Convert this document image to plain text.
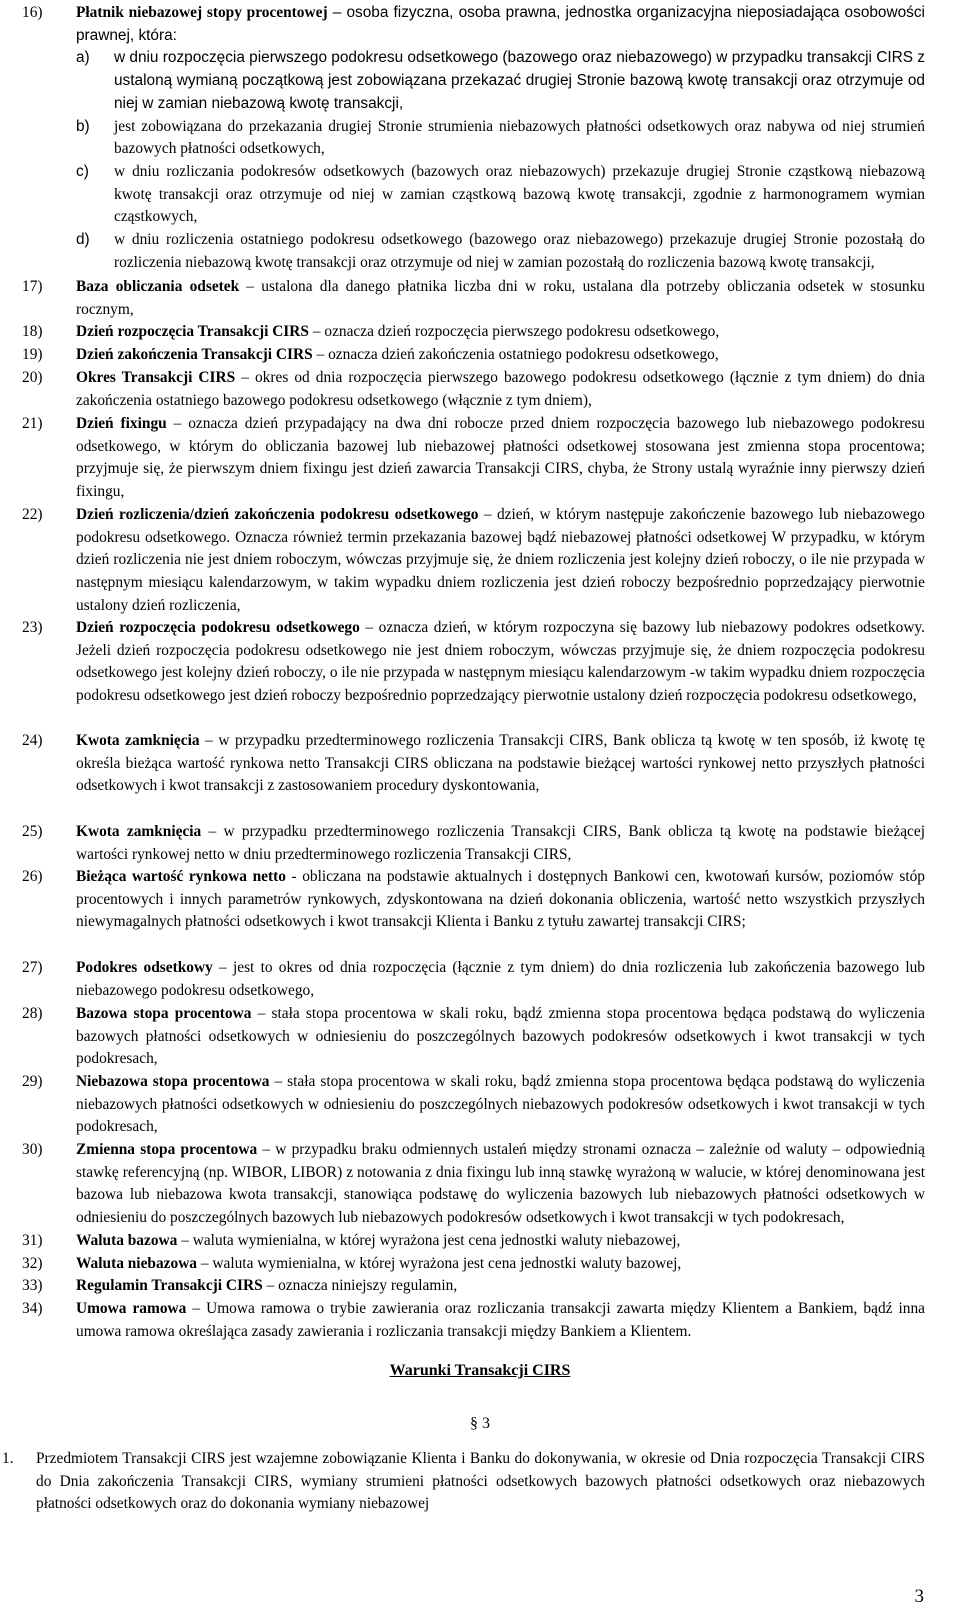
16) Płatnik niebazowej stopy procentowej – osoba fizyczna, osoba prawna, jednostka organizacyjna nieposiadająca osobowości prawnej, która:
a) w dniu rozpoczęcia pierwszego podokresu odsetkowego (bazowego oraz niebazowego) w przypadku transakcji CIRS z ustaloną wymianą początkową jest zobowiązana przekazać drugiej Stronie bazową kwotę transakcji oraz otrzymuje od niej w zamian niebazową kwotę transakcji,
b) jest zobowiązana do przekazania drugiej Stronie strumienia niebazowych płatności odsetkowych oraz nabywa od niej strumień bazowych płatności odsetkowych,
c) w dniu rozliczania podokresów odsetkowych (bazowych oraz niebazowych) przekazuje drugiej Stronie cząstkową niebazową kwotę transakcji oraz otrzymuje od niej w zamian cząstkową bazową kwotę transakcji, zgodnie z harmonogramem wymian cząstkowych,
d) w dniu rozliczenia ostatniego podokresu odsetkowego (bazowego oraz niebazowego) przekazuje drugiej Stronie pozostałą do rozliczenia niebazową kwotę transakcji oraz otrzymuje od niej w zamian pozostałą do rozliczenia bazową kwotę transakcji,
17) Baza obliczania odsetek – ustalona dla danego płatnika liczba dni w roku, ustalana dla potrzeby obliczania odsetek w stosunku rocznym,
18) Dzień rozpoczęcia Transakcji CIRS – oznacza dzień rozpoczęcia pierwszego podokresu odsetkowego,
19) Dzień zakończenia Transakcji CIRS – oznacza dzień zakończenia ostatniego podokresu odsetkowego,
20) Okres Transakcji CIRS – okres od dnia rozpoczęcia pierwszego bazowego podokresu odsetkowego (łącznie z tym dniem) do dnia zakończenia ostatniego bazowego podokresu odsetkowego (włącznie z tym dniem),
21) Dzień fixingu – oznacza dzień przypadający na dwa dni robocze przed dniem rozpoczęcia bazowego lub niebazowego podokresu odsetkowego, w którym do obliczania bazowej lub niebazowej płatności odsetkowej stosowana jest zmienna stopa procentowa; przyjmuje się, że pierwszym dniem fixingu jest dzień zawarcia Transakcji CIRS, chyba, że Strony ustalą wyraźnie inny pierwszy dzień fixingu,
22) Dzień rozliczenia/dzień zakończenia podokresu odsetkowego – dzień, w którym następuje zakończenie bazowego lub niebazowego podokresu odsetkowego. Oznacza również termin przekazania bazowej bądź niebazowej płatności odsetkowej W przypadku, w którym dzień rozliczenia nie jest dniem roboczym, wówczas przyjmuje się, że dniem rozliczenia jest kolejny dzień roboczy, o ile nie przypada w następnym miesiącu kalendarzowym, w takim wypadku dniem rozliczenia jest dzień roboczy bezpośrednio poprzedzający pierwotnie ustalony dzień rozliczenia,
23) Dzień rozpoczęcia podokresu odsetkowego – oznacza dzień, w którym rozpoczyna się bazowy lub niebazowy podokres odsetkowy. Jeżeli dzień rozpoczęcia podokresu odsetkowego nie jest dniem roboczym, wówczas przyjmuje się, że dniem rozpoczęcia podokresu odsetkowego jest kolejny dzień roboczy, o ile nie przypada w następnym miesiącu kalendarzowym -w takim wypadku dniem rozpoczęcia podokresu odsetkowego jest dzień roboczy bezpośrednio poprzedzający pierwotnie ustalony dzień rozpoczęcia podokresu odsetkowego,
24) Kwota zamknięcia – w przypadku przedterminowego rozliczenia Transakcji CIRS, Bank oblicza tą kwotę w ten sposób, iż kwotę tę określa bieżąca wartość rynkowa netto Transakcji CIRS obliczana na podstawie bieżącej wartości rynkowej netto przyszłych płatności odsetkowych i kwot transakcji z zastosowaniem procedury dyskontowania,
25) Kwota zamknięcia – w przypadku przedterminowego rozliczenia Transakcji CIRS, Bank oblicza tą kwotę na podstawie bieżącej wartości rynkowej netto w dniu przedterminowego rozliczenia Transakcji CIRS,
26) Bieżąca wartość rynkowa netto - obliczana na podstawie aktualnych i dostępnych Bankowi cen, kwotowań kursów, poziomów stóp procentowych i innych parametrów rynkowych, zdyskontowana na dzień dokonania obliczenia, wartość netto wszystkich przyszłych niewymagalnych płatności odsetkowych i kwot transakcji Klienta i Banku z tytułu zawartej transakcji CIRS;
27) Podokres odsetkowy – jest to okres od dnia rozpoczęcia (łącznie z tym dniem) do dnia rozliczenia lub zakończenia bazowego lub niebazowego podokresu odsetkowego,
28) Bazowa stopa procentowa – stała stopa procentowa w skali roku, bądź zmienna stopa procentowa będąca podstawą do wyliczenia bazowych płatności odsetkowych w odniesieniu do poszczególnych bazowych podokresów odsetkowych i kwot transakcji w tych podokresach,
29) Niebazowa stopa procentowa – stała stopa procentowa w skali roku, bądź zmienna stopa procentowa będąca podstawą do wyliczenia niebazowych płatności odsetkowych w odniesieniu do poszczególnych niebazowych podokresów odsetkowych i kwot transakcji w tych podokresach,
30) Zmienna stopa procentowa – w przypadku braku odmiennych ustaleń między stronami oznacza – zależnie od waluty – odpowiednią stawkę referencyjną (np. WIBOR, LIBOR) z notowania z dnia fixingu lub inną stawkę wyrażoną w walucie, w której denominowana jest bazowa lub niebazowa kwota transakcji, stanowiąca podstawę do wyliczenia bazowych lub niebazowych płatności odsetkowych w odniesieniu do poszczególnych bazowych lub niebazowych podokresów odsetkowych i kwot transakcji w tych podokresach,
31) Waluta bazowa – waluta wymienialna, w której wyrażona jest cena jednostki waluty niebazowej,
32) Waluta niebazowa – waluta wymienialna, w której wyrażona jest cena jednostki waluty bazowej,
33) Regulamin Transakcji CIRS – oznacza niniejszy regulamin,
34) Umowa ramowa – Umowa ramowa o trybie zawierania oraz rozliczania transakcji zawarta między Klientem a Bankiem, bądź inna umowa ramowa określająca zasady zawierania i rozliczania transakcji między Bankiem a Klientem.
Warunki Transakcji CIRS
§ 3
1. Przedmiotem Transakcji CIRS jest wzajemne zobowiązanie Klienta i Banku do dokonywania, w okresie od Dnia rozpoczęcia Transakcji CIRS do Dnia zakończenia Transakcji CIRS, wymiany strumieni płatności odsetkowych bazowych płatności odsetkowych oraz niebazowych płatności odsetkowych oraz do dokonania wymiany niebazowej
3
